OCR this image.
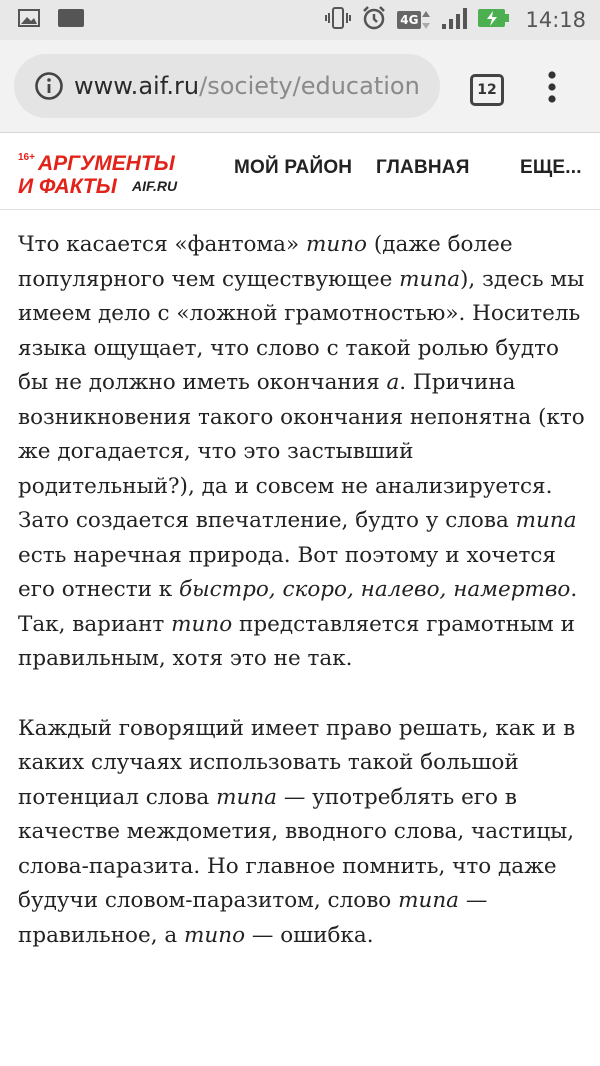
4G	14:18
www.aif.ru/society/education	12
16+ АРГУМЕНТЫ
И ФАКТЫ AIF.RU
МОЙ РАЙОН ГЛАВНАЯ	ЕЩЕ...

Что касается «фантома» типо (даже более популярного чем существующее типа), здесь мы имеем дело с «ложной грамотностью». Носитель языка ощущает, что слово с такой ролью будто бы не должно иметь окончания а. Причина возникновения такого окончания непонятна (кто же догадается, что это застывший родительный?), да и совсем не анализируется. Зато создается впечатление, будто у слова типа есть наречная природа. Вот поэтому и хочется его отнести к быстро, скоро, налево, намертво. Так, вариант типо представляется грамотным и правильным, хотя это не так.

Каждый говорящий имеет право решать, как и в каких случаях использовать такой большой потенциал слова типа — употреблять его в качестве междометия, вводного слова, частицы, слова-паразита. Но главное помнить, что даже будучи словом-паразитом, слово типа — правильное, а типо — ошибка.
